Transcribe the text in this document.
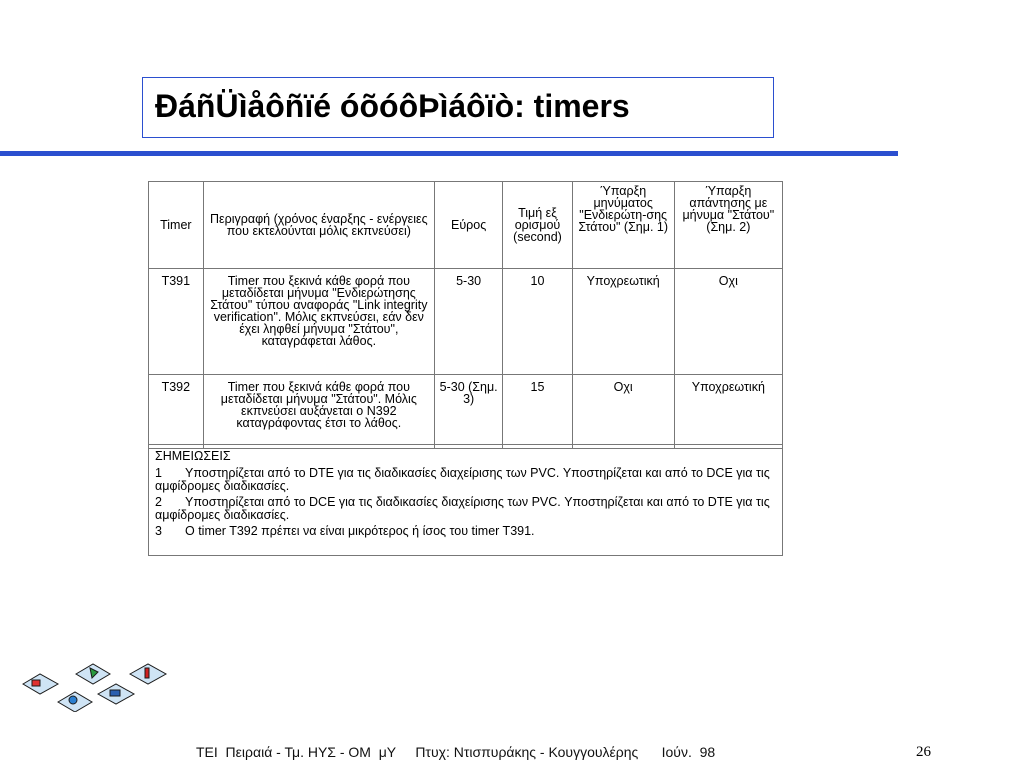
ÐáñÜìåôñïé óõóôÞìáôïò: timers
Timer	Περιγραφή (χρόνος έναρξης - ενέργειες που εκτελούνται μόλις εκπνεύσει)	Εύρος	Τιμή εξ ορισμού (second)	Ύπαρξη μηνύματος "Ενδιερώτη-σης Στάτου" (Σημ. 1)	Ύπαρξη απάντησης με μήνυμα "Στάτου" (Σημ. 2)
T391	Timer που ξεκινά κάθε φορά που μεταδίδεται μήνυμα "Ενδιερώτησης Στάτου" τύπου αναφοράς "Link integrity verification". Μόλις εκπνεύσει, εάν δεν έχει ληφθεί μήνυμα "Στάτου", καταγράφεται λάθος.	5-30	10	Υποχρεωτική	Οχι
T392	Timer που ξεκινά κάθε φορά που μεταδίδεται μήνυμα "Στάτου". Μόλις εκπνεύσει αυξάνεται ο N392 καταγράφοντας έτσι το λάθος.	5-30 (Σημ. 3)	15	Οχι	Υποχρεωτική
ΣΗΜΕΙΩΣΕΙΣ
1 Υποστηρίζεται από το DTE για τις διαδικασίες διαχείρισης των PVC. Υποστηρίζεται και από το DCE για τις αμφίδρομες διαδικασίες.
2 Υποστηρίζεται από το DCE για τις διαδικασίες διαχείρισης των PVC. Υποστηρίζεται και από το DTE για τις αμφίδρομες διαδικασίες.
3 Ο timer T392 πρέπει να είναι μικρότερος ή ίσος του timer T391.
ΤΕΙ  Πειραιά - Τμ. ΗΥΣ - ΟΜ  μΥ     Πτυχ: Ντισπυράκης - Κουγγουλέρης      Ιούν.  98	26
